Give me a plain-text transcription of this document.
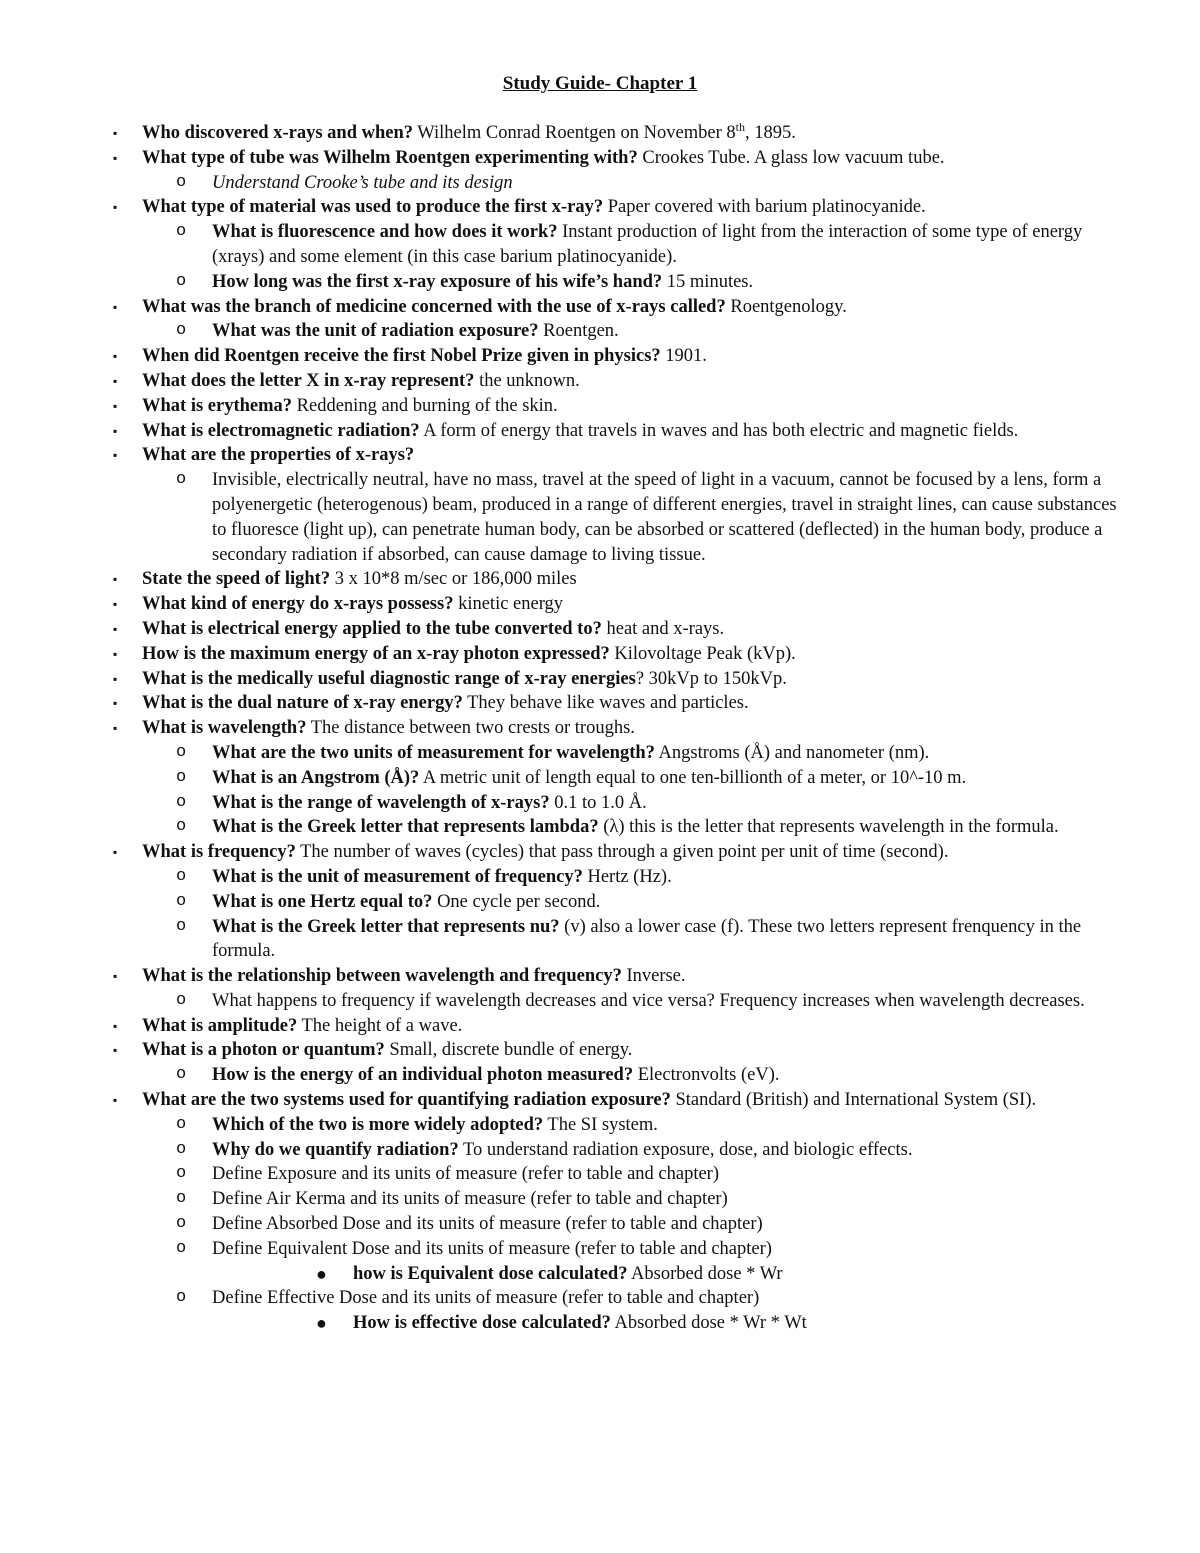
Study Guide- Chapter 1
▪ Who discovered x-rays and when? Wilhelm Conrad Roentgen on November 8th, 1895.
▪ What type of tube was Wilhelm Roentgen experimenting with? Crookes Tube. A glass low vacuum tube.
o Understand Crooke’s tube and its design
▪ What type of material was used to produce the first x-ray? Paper covered with barium platinocyanide.
o What is fluorescence and how does it work? Instant production of light from the interaction of some type of energy (xrays) and some element (in this case barium platinocyanide).
o How long was the first x-ray exposure of his wife’s hand? 15 minutes.
▪ What was the branch of medicine concerned with the use of x-rays called? Roentgenology.
o What was the unit of radiation exposure? Roentgen.
▪ When did Roentgen receive the first Nobel Prize given in physics? 1901.
▪ What does the letter X in x-ray represent? the unknown.
▪ What is erythema? Reddening and burning of the skin.
▪ What is electromagnetic radiation? A form of energy that travels in waves and has both electric and magnetic fields.
▪ What are the properties of x-rays?
o Invisible, electrically neutral, have no mass, travel at the speed of light in a vacuum, cannot be focused by a lens, form a polyenergetic (heterogenous) beam, produced in a range of different energies, travel in straight lines, can cause substances to fluoresce (light up), can penetrate human body, can be absorbed or scattered (deflected) in the human body, produce a secondary radiation if absorbed, can cause damage to living tissue.
▪ State the speed of light? 3 x 10*8 m/sec or 186,000 miles
▪ What kind of energy do x-rays possess? kinetic energy
▪ What is electrical energy applied to the tube converted to? heat and x-rays.
▪ How is the maximum energy of an x-ray photon expressed? Kilovoltage Peak (kVp).
▪ What is the medically useful diagnostic range of x-ray energies? 30kVp to 150kVp.
▪ What is the dual nature of x-ray energy? They behave like waves and particles.
▪ What is wavelength? The distance between two crests or troughs.
o What are the two units of measurement for wavelength? Angstroms (Å) and nanometer (nm).
o What is an Angstrom (Å)? A metric unit of length equal to one ten-billionth of a meter, or 10^-10 m.
o What is the range of wavelength of x-rays? 0.1 to 1.0 Å.
o What is the Greek letter that represents lambda? (λ) this is the letter that represents wavelength in the formula.
▪ What is frequency? The number of waves (cycles) that pass through a given point per unit of time (second).
o What is the unit of measurement of frequency? Hertz (Hz).
o What is one Hertz equal to? One cycle per second.
o What is the Greek letter that represents nu? (v) also a lower case (f). These two letters represent frenquency in the formula.
▪ What is the relationship between wavelength and frequency? Inverse.
o What happens to frequency if wavelength decreases and vice versa? Frequency increases when wavelength decreases.
▪ What is amplitude? The height of a wave.
▪ What is a photon or quantum? Small, discrete bundle of energy.
o How is the energy of an individual photon measured? Electronvolts (eV).
▪ What are the two systems used for quantifying radiation exposure? Standard (British) and International System (SI).
o Which of the two is more widely adopted? The SI system.
o Why do we quantify radiation? To understand radiation exposure, dose, and biologic effects.
o Define Exposure and its units of measure (refer to table and chapter)
o Define Air Kerma and its units of measure (refer to table and chapter)
o Define Absorbed Dose and its units of measure (refer to table and chapter)
o Define Equivalent Dose and its units of measure (refer to table and chapter)
● how is Equivalent dose calculated? Absorbed dose * Wr
o Define Effective Dose and its units of measure (refer to table and chapter)
● How is effective dose calculated? Absorbed dose * Wr * Wt
